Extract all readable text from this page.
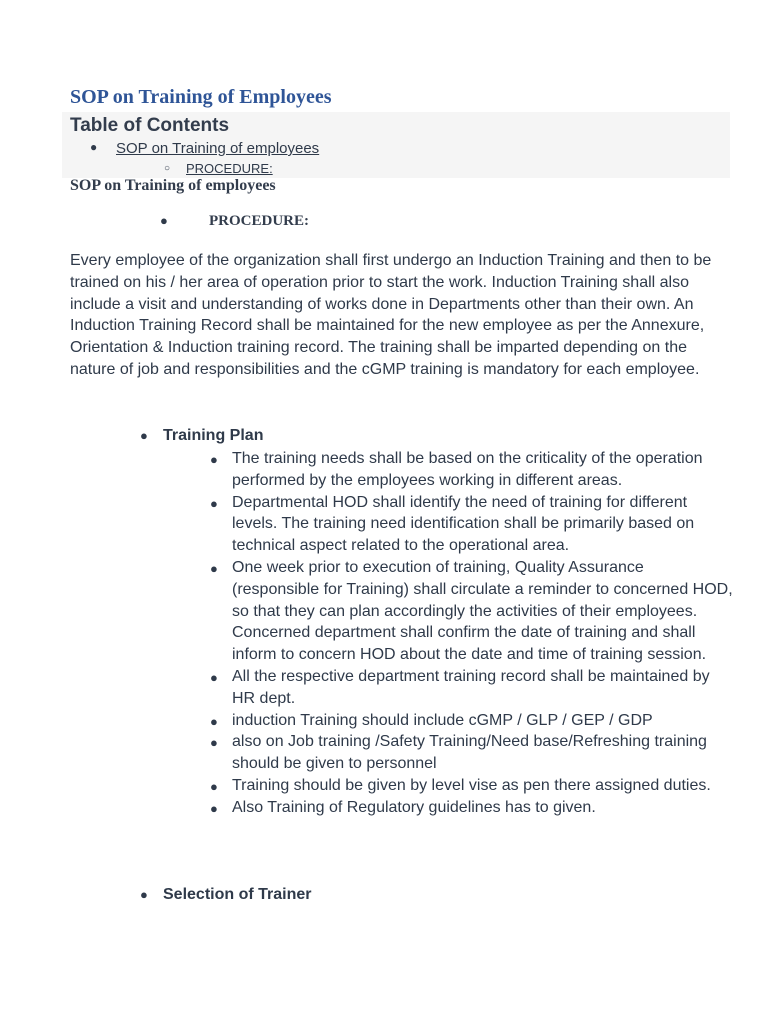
SOP on Training of Employees
Table of Contents
● SOP on Training of employees
○ PROCEDURE:
SOP on Training of employees
●	PROCEDURE:

Every employee of the organization shall first undergo an Induction Training and then to be trained on his / her area of operation prior to start the work. Induction Training shall also include a visit and understanding of works done in Departments other than their own. An Induction Training Record shall be maintained for the new employee as per the Annexure, Orientation & Induction training record. The training shall be imparted depending on the nature of job and responsibilities and the cGMP training is mandatory for each employee.

● Training Plan
● The training needs shall be based on the criticality of the operation performed by the employees working in different areas.
● Departmental HOD shall identify the need of training for different levels. The training need identification shall be primarily based on technical aspect related to the operational area.
● One week prior to execution of training, Quality Assurance (responsible for Training) shall circulate a reminder to concerned HOD, so that they can plan accordingly the activities of their employees. Concerned department shall confirm the date of training and shall inform to concern HOD about the date and time of training session.
● All the respective department training record shall be maintained by HR dept.
● induction Training should include cGMP / GLP / GEP / GDP
● also on Job training /Safety Training/Need base/Refreshing training should be given to personnel
● Training should be given by level vise as pen there assigned duties.
● Also Training of Regulatory guidelines has to given.
● Selection of Trainer
